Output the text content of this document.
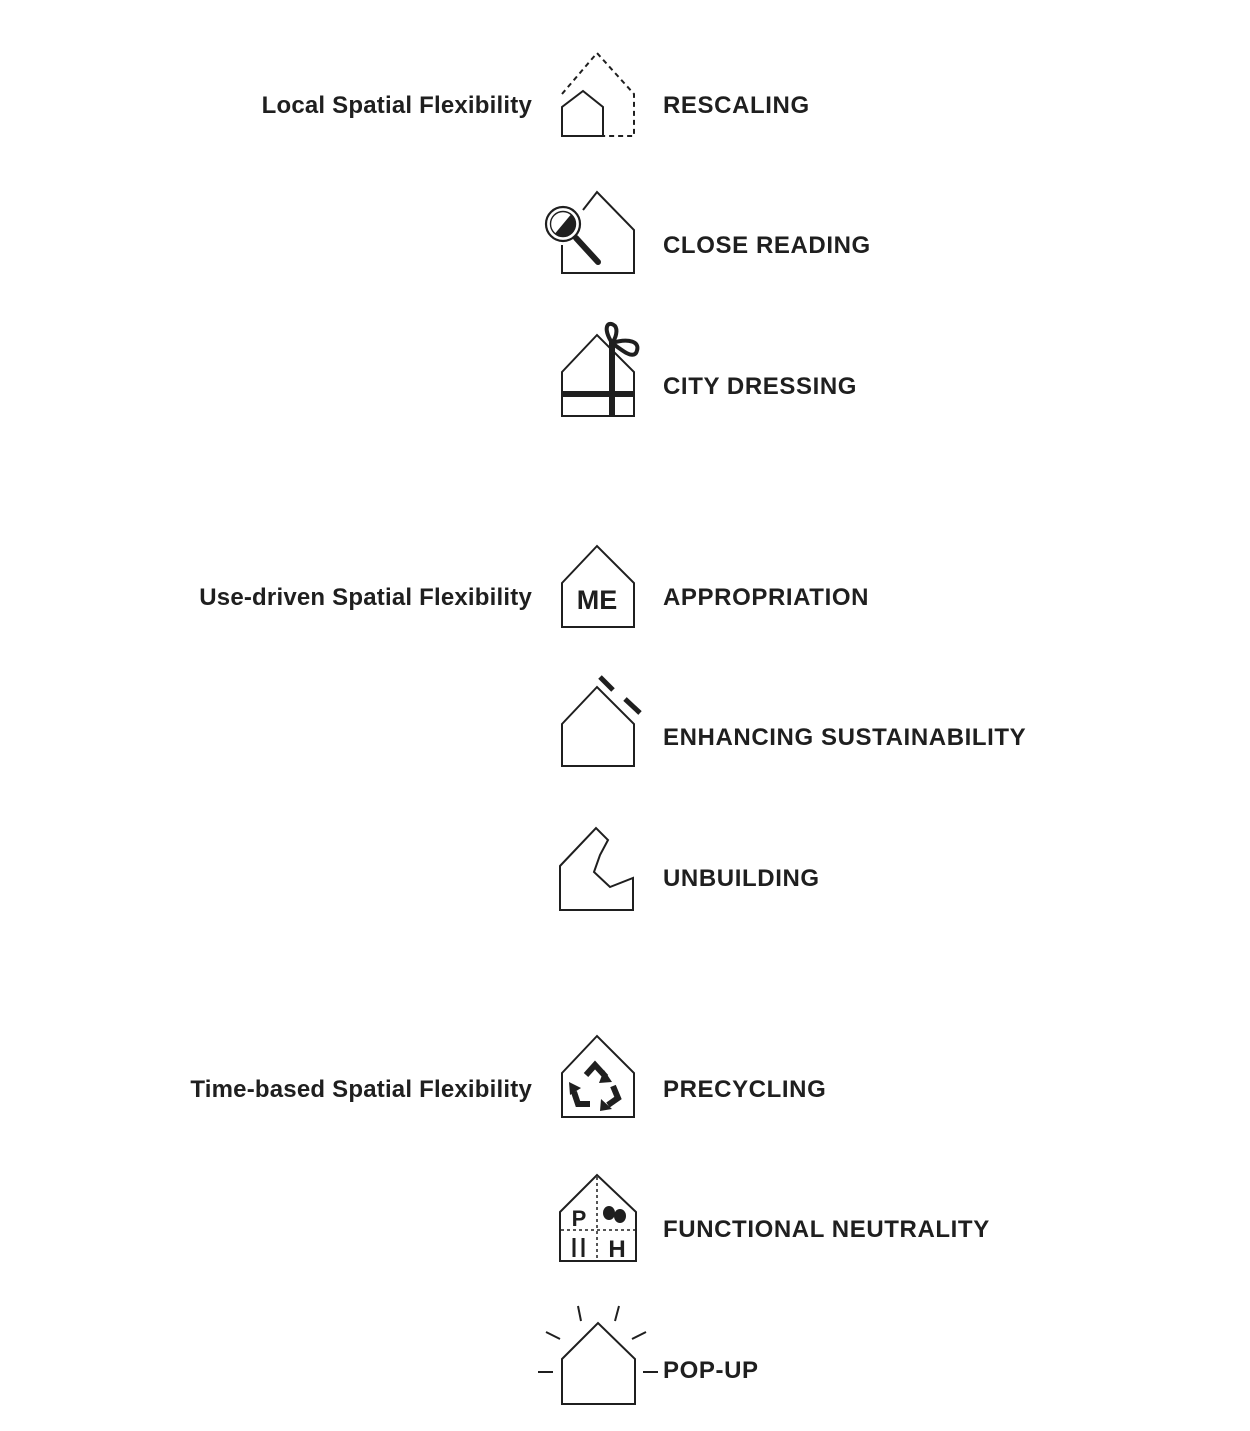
Local Spatial Flexibility
Use-driven Spatial Flexibility
Time-based Spatial Flexibility
RESCALING
CLOSE READING
CITY DRESSING
APPROPRIATION
ENHANCING SUSTAINABILITY
UNBUILDING
PRECYCLING
FUNCTIONAL NEUTRALITY
POP-UP
ME
P
H
